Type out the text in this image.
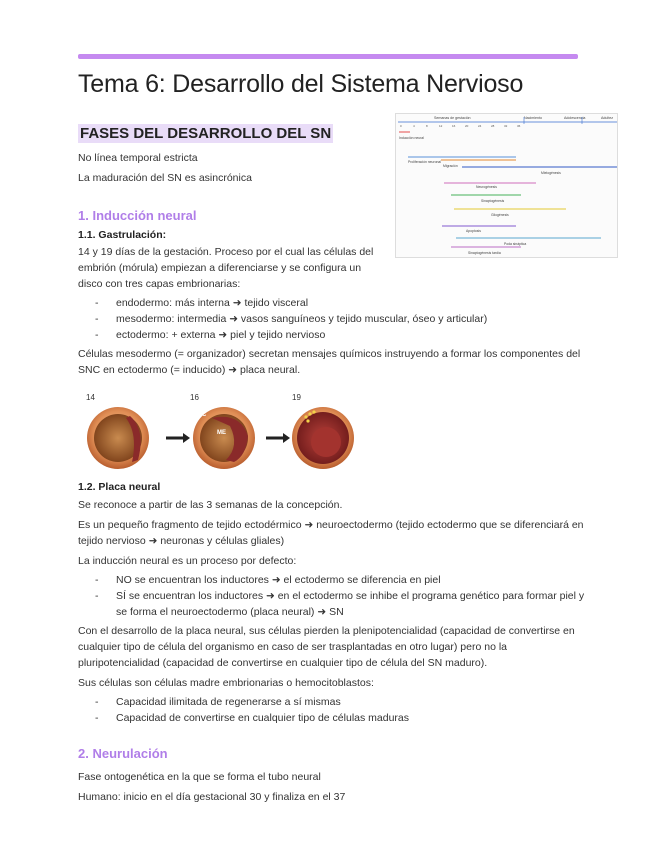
Tema 6: Desarrollo del Sistema Nervioso
FASES DEL DESARROLLO DEL SN
No línea temporal estricta
La maduración del SN es asincrónica
Semanas de gestación	Nacimiento	Adolescencia	Adultez
0	4	8	12	16	20	24	28	32	36
Inducción neural
Proliferación neuronal
Migración
Mielogénesis
Neurogénesis
Sinaptogénesis
Gliogénesis
Apoptosis
Poda sináptica
Sinaptogénesis tardía
1. Inducción neural
1.1. Gastrulación:
14 y 19 días de la gestación. Proceso por el cual las células del
embrión (mórula) empiezan a diferenciarse y se configura un
disco con tres capas embrionarias:
- endodermo: más interna ➜ tejido visceral
- mesodermo: intermedia ➜ vasos sanguíneos y tejido muscular, óseo y articular)
- ectodermo: + externa ➜ piel y tejido nervioso
Células mesodermo (= organizador) secretan mensajes químicos instruyendo a formar los componentes del
SNC en ectodermo (= inducido) ➜ placa neural.
14	16
EC
ME
19
1.2. Placa neural
Se reconoce a partir de las 3 semanas de la concepción.
Es un pequeño fragmento de tejido ectodérmico ➜ neuroectodermo (tejido ectodermo que se diferenciará en
tejido nervioso ➜ neuronas y células gliales)
La inducción neural es un proceso por defecto:
- NO se encuentran los inductores ➜ el ectodermo se diferencia en piel
- SÍ se encuentran los inductores ➜ en el ectodermo se inhibe el programa genético para formar piel y
se forma el neuroectodermo (placa neural) ➜ SN
Con el desarrollo de la placa neural, sus células pierden la plenipotencialidad (capacidad de convertirse en
cualquier tipo de célula del organismo en caso de ser trasplantadas en otro lugar) pero no la
pluripotencialidad (capacidad de convertirse en cualquier tipo de célula del SN maduro).
Sus células son células madre embrionarias o hemocitoblastos:
- Capacidad ilimitada de regenerarse a sí mismas
- Capacidad de convertirse en cualquier tipo de células maduras
2. Neurulación
Fase ontogenética en la que se forma el tubo neural
Humano: inicio en el día gestacional 30 y finaliza en el 37
